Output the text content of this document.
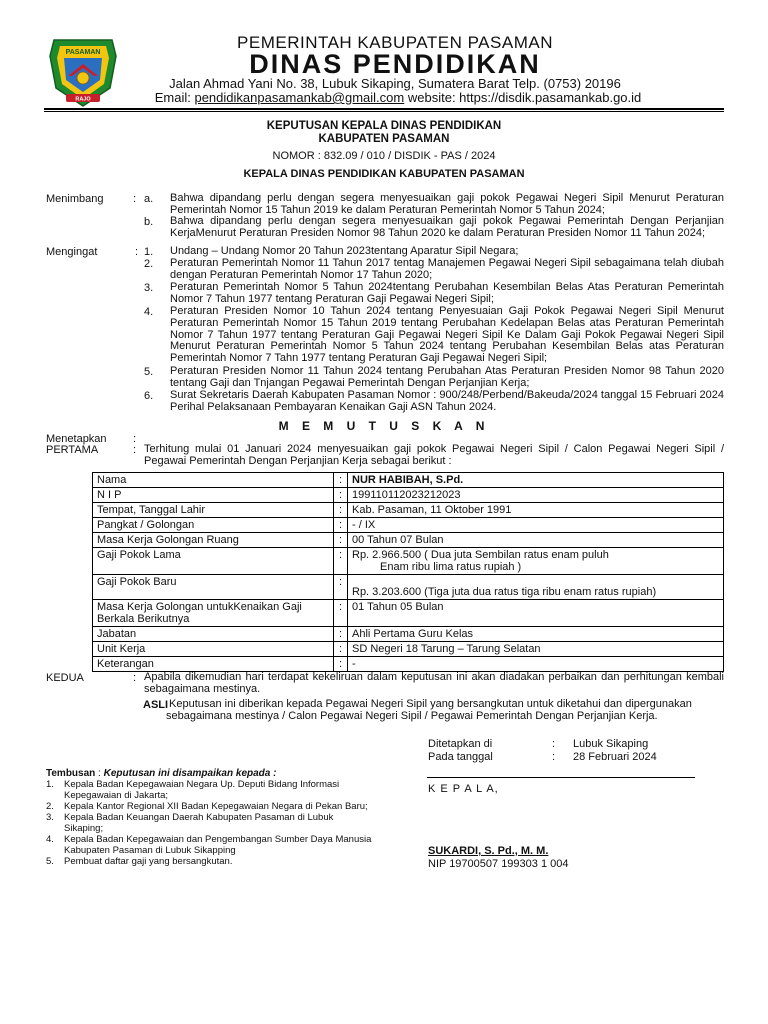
PASAMAN
RAJO
PEMERINTAH KABUPATEN PASAMAN
DINAS PENDIDIKAN
Jalan Ahmad Yani No. 38, Lubuk Sikaping, Sumatera Barat Telp. (0753) 20196
Email: pendidikanpasamankab@gmail.com website: https://disdik.pasamankab.go.id
KEPUTUSAN KEPALA DINAS PENDIDIKAN
KABUPATEN PASAMAN
NOMOR : 832.09 / 010 / DISDIK - PAS / 2024
KEPALA DINAS PENDIDIKAN KABUPATEN PASAMAN
Menimbang	: a. Bahwa dipandang perlu dengan segera menyesuaikan gaji pokok Pegawai Negeri Sipil Menurut Peraturan Pemerintah Nomor 15 Tahun 2019 ke dalam Peraturan Pemerintah Nomor 5 Tahun 2024;
b. Bahwa dipandang perlu dengan segera menyesuaikan gaji pokok Pegawai Pemerintah Dengan Perjanjian KerjaMenurut Peraturan Presiden Nomor 98 Tahun 2020 ke dalam Peraturan Presiden Nomor 11 Tahun 2024;
Mengingat	: 1. Undang – Undang Nomor 20 Tahun 2023tentang Aparatur Sipil Negara;
2. Peraturan Pemerintah Nomor 11 Tahun 2017 tentag Manajemen Pegawai Negeri Sipil sebagaimana telah diubah dengan Peraturan Pemerintah Nomor 17 Tahun 2020;
3. Peraturan Pemerintah Nomor 5 Tahun 2024tentang Perubahan Kesembilan Belas Atas Peraturan Pemerintah Nomor 7 Tahun 1977 tentang Peraturan Gaji Pegawai Negeri Sipil;
4. Peraturan Presiden Nomor 10 Tahun 2024 tentang Penyesuaian Gaji Pokok Pegawai Negeri Sipil Menurut Peraturan Pemerintah Nomor 15 Tahun 2019 tentang Perubahan Kedelapan Belas atas Peraturan Pemerintah Nomor 7 Tahun 1977 tentang Peraturan Gaji Pegawai Negeri Sipil Ke Dalam Gaji Pokok Pegawai Negeri Sipil Menurut Peraturan Pemerintah Nomor 5 Tahun 2024 tentang Perubahan Kesembilan Belas atas Peraturan Pemerintah Nomor 7 Tahn 1977 tentang Peraturan Gaji Pegawai Negeri Sipil;
5. Peraturan Presiden Nomor 11 Tahun 2024 tentang Perubahan Atas Peraturan Presiden Nomor 98 Tahun 2020 tentang Gaji dan Tnjangan Pegawai Pemerintah Dengan Perjanjian Kerja;
6. Surat Sekretaris Daerah Kabupaten Pasaman Nomor : 900/248/Perbend/Bakeuda/2024 tanggal 15 Februari 2024 Perihal Pelaksanaan Pembayaran Kenaikan Gaji ASN Tahun 2024.
M E M U T U S K A N
Menetapkan :
PERTAMA	: Terhitung mulai 01 Januari 2024 menyesuaikan gaji pokok Pegawai Negeri Sipil / Calon Pegawai Negeri Sipil / Pegawai Pemerintah Dengan Perjanjian Kerja sebagai berikut :
Nama	:	NUR HABIBAH, S.Pd.
N I P	:	199110112023212023
Tempat, Tanggal Lahir	:	Kab. Pasaman, 11 Oktober 1991
Pangkat / Golongan	:	- / IX
Masa Kerja Golongan Ruang	:	00 Tahun 07 Bulan
Gaji Pokok Lama	:	Rp. 2.966.500 ( Dua juta Sembilan ratus enam puluh
Enam ribu lima ratus rupiah )

Gaji Pokok Baru	:	Rp. 3.203.600 (Tiga juta dua ratus tiga ribu enam ratus rupiah)
Masa Kerja Golongan untukKenaikan Gaji Berkala Berikutnya	:	01 Tahun 05 Bulan
Jabatan	:	Ahli Pertama Guru Kelas
Unit Kerja	:	SD Negeri 18 Tarung – Tarung Selatan
Keterangan	:	-
KEDUA	: Apabila dikemudian hari terdapat kekeliruan dalam keputusan ini akan diadakan perbaikan dan perhitungan kembali sebagaimana mestinya.
ASLI Keputusan ini diberikan kepada Pegawai Negeri Sipil yang bersangkutan untuk diketahui dan dipergunakan
sebagaimana mestinya / Calon Pegawai Negeri Sipil / Pegawai Pemerintah Dengan Perjanjian Kerja.
Ditetapkan di	: Lubuk Sikaping
Pada tanggal	: 28 Februari 2024
Tembusan : Keputusan ini disampaikan kepada :
1. Kepala Badan Kepegawaian Negara Up. Deputi Bidang Informasi
Kepegawaian di Jakarta;
2. Kepala Kantor Regional XII Badan Kepegawaian Negara di Pekan Baru;
3. Kepala Badan Keuangan Daerah Kabupaten Pasaman di Lubuk
Sikaping;
4. Kepala Badan Kepegawaian dan Pengembangan Sumber Daya Manusia
Kabupaten Pasaman di Lubuk Sikapping
5. Pembuat daftar gaji yang bersangkutan.
K E P A L A,
SUKARDI, S. Pd., M. M.
NIP 19700507 199303 1 004
